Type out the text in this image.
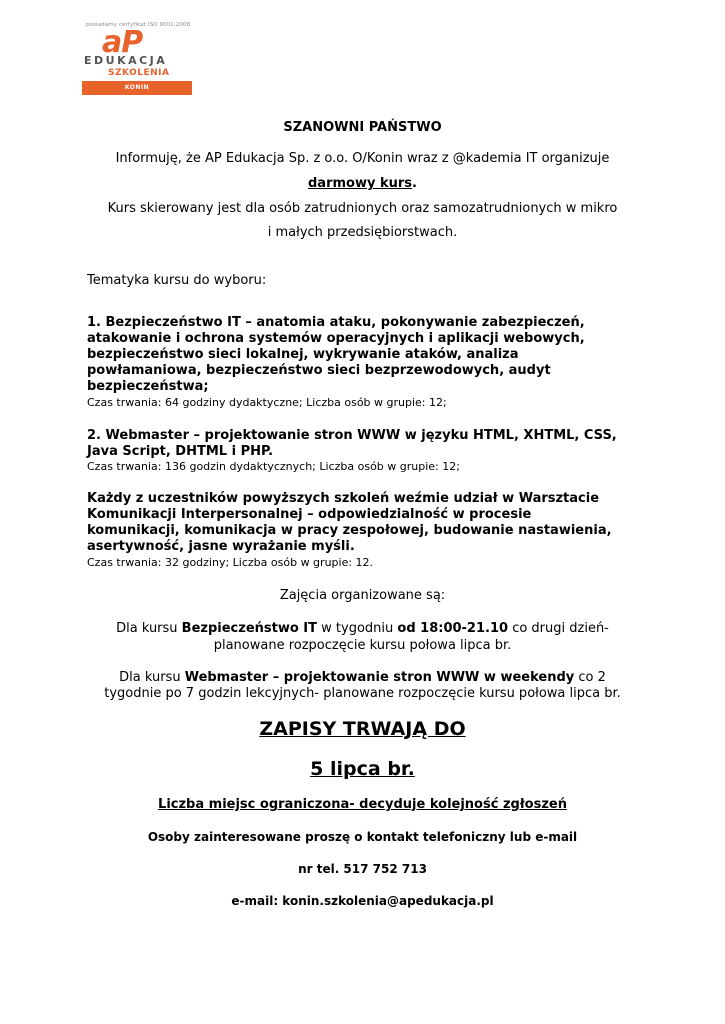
posiadamy certyfikat ISO 9001:2008
aP
EDUKACJA
SZKOLENIA
KONIN
SZANOWNI PAŃSTWO
Informuję, że AP Edukacja Sp. z o.o. O/Konin wraz z @kademia IT organizuje
darmowy kurs.
Kurs skierowany jest dla osób zatrudnionych oraz samozatrudnionych w mikro
i małych przedsiębiorstwach.
Tematyka kursu do wyboru:
1. Bezpieczeństwo IT – anatomia ataku, pokonywanie zabezpieczeń,
atakowanie i ochrona systemów operacyjnych i aplikacji webowych,
bezpieczeństwo sieci lokalnej, wykrywanie ataków, analiza
powłamaniowa, bezpieczeństwo sieci bezprzewodowych, audyt
bezpieczeństwa;
Czas trwania: 64 godziny dydaktyczne; Liczba osób w grupie: 12;
2. Webmaster – projektowanie stron WWW w języku HTML, XHTML, CSS,
Java Script, DHTML i PHP.
Czas trwania: 136 godzin dydaktycznych; Liczba osób w grupie: 12;
Każdy z uczestników powyższych szkoleń weźmie udział w Warsztacie
Komunikacji Interpersonalnej – odpowiedzialność w procesie
komunikacji, komunikacja w pracy zespołowej, budowanie nastawienia,
asertywność, jasne wyrażanie myśli.
Czas trwania: 32 godziny; Liczba osób w grupie: 12.
Zajęcia organizowane są:
Dla kursu Bezpieczeństwo IT w tygodniu od 18:00-21.10 co drugi dzień-
planowane rozpoczęcie kursu połowa lipca br.
Dla kursu Webmaster – projektowanie stron WWW w weekendy co 2
tygodnie po 7 godzin lekcyjnych- planowane rozpoczęcie kursu połowa lipca br.
ZAPISY TRWAJĄ DO
5 lipca br.
Liczba miejsc ograniczona- decyduje kolejność zgłoszeń
Osoby zainteresowane proszę o kontakt telefoniczny lub e-mail
nr tel. 517 752 713
e-mail: konin.szkolenia@apedukacja.pl
